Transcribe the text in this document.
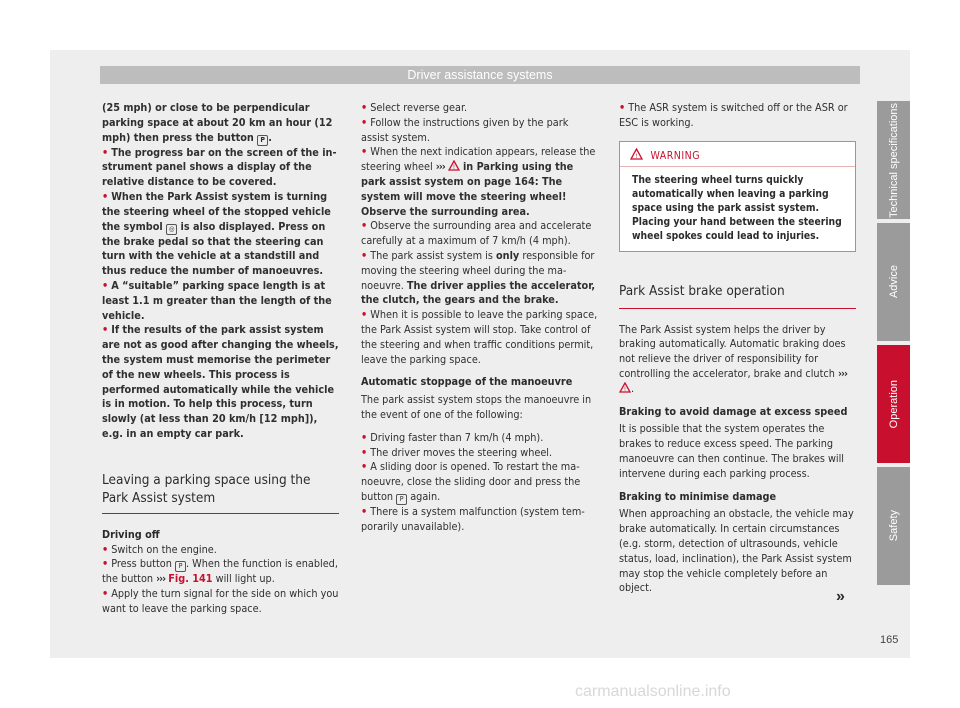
Driver assistance systems
(25 mph) or close to be perpendicular parking space at about 20 km an hour (12 mph) then press the button P .
• The progress bar on the screen of the instrument panel shows a display of the relative distance to be covered.
• When the Park Assist system is turning the steering wheel of the stopped vehicle the symbol ◎ is also displayed. Press on the brake pedal so that the steering can turn with the vehicle at a standstill and thus reduce the number of manoeuvres.
• A “suitable” parking space length is at least 1.1 m greater than the length of the vehicle.
• If the results of the park assist system are not as good after changing the wheels, the system must memorise the perimeter of the new wheels. This process is performed automatically while the vehicle is in motion. To help this process, turn slowly (at less than 20 km/h [12 mph]), e.g. in an empty car park.
Leaving a parking space using the Park Assist system
Driving off
• Switch on the engine.
• Press button P . When the function is enabled, the button ››› Fig. 141 will light up.
• Apply the turn signal for the side on which you want to leave the parking space.
• Select reverse gear.
• Follow the instructions given by the park assist system.
• When the next indication appears, release the steering wheel ››› ! in Parking using the park assist system on page 164: The system will move the steering wheel! Observe the surrounding area.
• Observe the surrounding area and accelerate carefully at a maximum of 7 km/h (4 mph).
• The park assist system is only responsible for moving the steering wheel during the manoeuvre. The driver applies the accelerator, the clutch, the gears and the brake.
• When it is possible to leave the parking space, the Park Assist system will stop. Take control of the steering and when traffic conditions permit, leave the parking space.
Automatic stoppage of the manoeuvre
The park assist system stops the manoeuvre in the event of one of the following:
• Driving faster than 7 km/h (4 mph).
• The driver moves the steering wheel.
• A sliding door is opened. To restart the manoeuvre, close the sliding door and press the button P again.
• There is a system malfunction (system temporarily unavailable).
• The ASR system is switched off or the ASR or ESC is working.
! WARNING
The steering wheel turns quickly automatically when leaving a parking space using the park assist system. Placing your hand between the steering wheel spokes could lead to injuries.
Park Assist brake operation
The Park Assist system helps the driver by braking automatically. Automatic braking does not relieve the driver of responsibility for controlling the accelerator, brake and clutch ›››
! .
Braking to avoid damage at excess speed
It is possible that the system operates the brakes to reduce excess speed. The parking manoeuvre can then continue. The brakes will intervene during each parking process.
Braking to minimise damage
When approaching an obstacle, the vehicle may brake automatically. In certain circumstances (e.g. storm, detection of ultrasounds, vehicle status, load, inclination), the Park Assist system may stop the vehicle completely before an object.
»
Technical specifications
Advice
Operation
Safety
165
carmanualsonline.info
